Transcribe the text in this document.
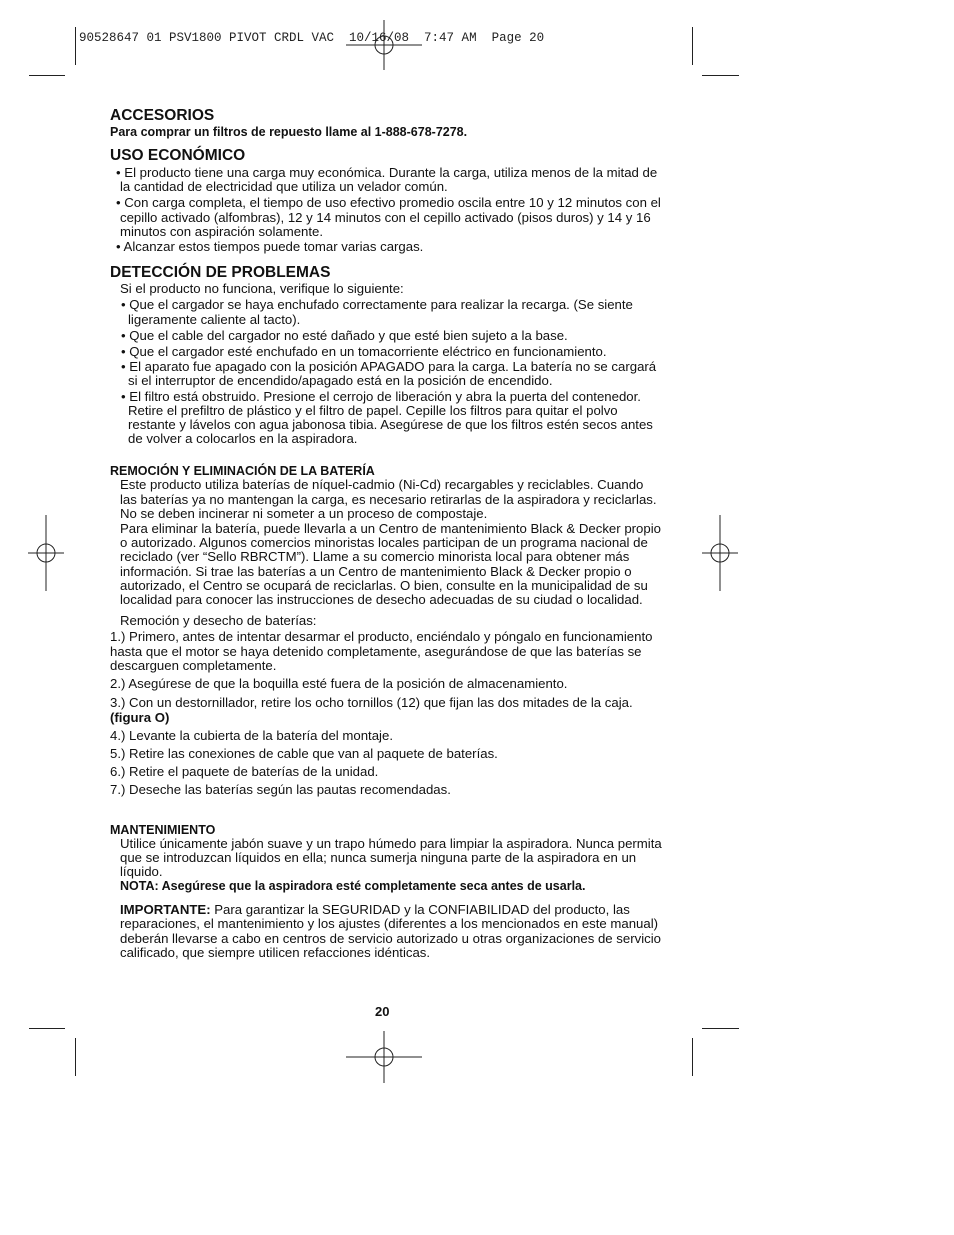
90528647 01 PSV1800 PIVOT CRDL VAC  10/16/08  7:47 AM  Page 20

ACCESORIOS

Para comprar un filtros de repuesto llame al 1-888-678-7278.

USO ECONÓMICO

• El producto tiene una carga muy económica. Durante la carga, utiliza menos de la mitad de la cantidad de electricidad que utiliza un velador común.

• Con carga completa, el tiempo de uso efectivo promedio oscila entre 10 y 12 minutos con el cepillo activado (alfombras), 12 y 14 minutos con el cepillo activado (pisos duros) y 14 y 16 minutos con aspiración solamente.

• Alcanzar estos tiempos puede tomar varias cargas.

DETECCIÓN DE PROBLEMAS

Si el producto no funciona, verifique lo siguiente:

• Que el cargador se haya enchufado correctamente para realizar la recarga. (Se siente ligeramente caliente al tacto).

• Que el cable del cargador no esté dañado y que esté bien sujeto a la base.

• Que el cargador esté enchufado en un tomacorriente eléctrico en funcionamiento.

• El aparato fue apagado con la posición APAGADO para la carga. La batería no se cargará si el interruptor de encendido/apagado está en la posición de encendido.

• El filtro está obstruido. Presione el cerrojo de liberación y abra la puerta del contenedor. Retire el prefiltro de plástico y el filtro de papel. Cepille los filtros para quitar el polvo restante y lávelos con agua jabonosa tibia. Asegúrese de que los filtros estén secos antes de volver a colocarlos en la aspiradora.

REMOCIÓN Y ELIMINACIÓN DE LA BATERÍA

Este producto utiliza baterías de níquel-cadmio (Ni-Cd) recargables y reciclables. Cuando las baterías ya no mantengan la carga, es necesario retirarlas de la aspiradora y reciclarlas. No se deben incinerar ni someter a un proceso de compostaje.

Para eliminar la batería, puede llevarla a un Centro de mantenimiento Black & Decker propio o autorizado. Algunos comercios minoristas locales participan de un programa nacional de reciclado (ver “Sello RBRCTM”). Llame a su comercio minorista local para obtener más información. Si trae las baterías a un Centro de mantenimiento Black & Decker propio o autorizado, el Centro se ocupará de reciclarlas. O bien, consulte en la municipalidad de su localidad para conocer las instrucciones de desecho adecuadas de su ciudad o localidad.

Remoción y desecho de baterías:

1.) Primero, antes de intentar desarmar el producto, enciéndalo y póngalo en funcionamiento hasta que el motor se haya detenido completamente, asegurándose de que las baterías se descarguen completamente.

2.) Asegúrese de que la boquilla esté fuera de la posición de almacenamiento.

3.) Con un destornillador, retire los ocho tornillos (12) que fijan las dos mitades de la caja. (figura O)

4.) Levante la cubierta de la batería del montaje.

5.) Retire las conexiones de cable que van al paquete de baterías.

6.) Retire el paquete de baterías de la unidad.

7.) Deseche las baterías según las pautas recomendadas.

MANTENIMIENTO

Utilice únicamente jabón suave y un trapo húmedo para limpiar la aspiradora. Nunca permita que se introduzcan líquidos en ella; nunca sumerja ninguna parte de la aspiradora en un líquido.

NOTA: Asegúrese que la aspiradora esté completamente seca antes de usarla.

IMPORTANTE: Para garantizar la SEGURIDAD y la CONFIABILIDAD del producto, las reparaciones, el mantenimiento y los ajustes (diferentes a los mencionados en este manual) deberán llevarse a cabo en centros de servicio autorizado u otras organizaciones de servicio calificado, que siempre utilicen refacciones idénticas.

20
